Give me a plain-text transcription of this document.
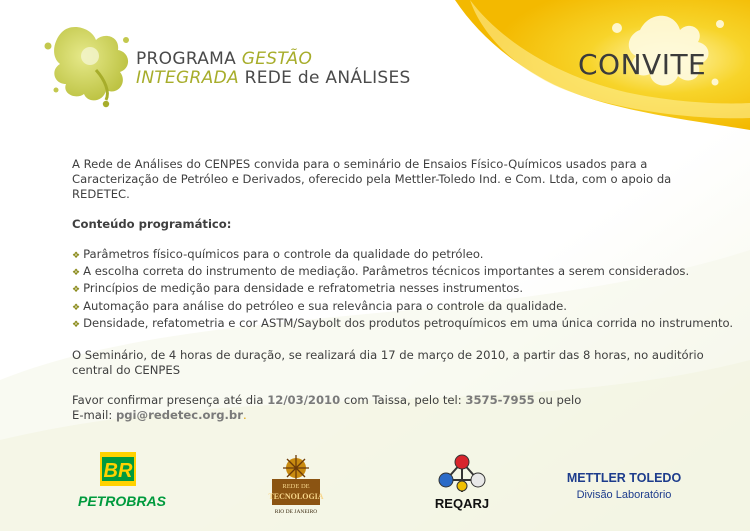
PROGRAMA GESTÃO
INTEGRADA REDE de ANÁLISES	CONVITE

A Rede de Análises do CENPES convida para o seminário de Ensaios Físico-Químicos usados para a Caracterização de Petróleo e Derivados, oferecido pela Mettler-Toledo Ind. e Com. Ltda, com o apoio da REDETEC.

Conteúdo programático:

❖ Parâmetros físico-químicos para o controle da qualidade do petróleo.
❖ A escolha correta do instrumento de mediação. Parâmetros técnicos importantes a serem considerados.
❖ Princípios de medição para densidade e refratometria nesses instrumentos.
❖ Automação para análise do petróleo e sua relevância para o controle da qualidade.
❖ Densidade, refatometria e cor ASTM/Saybolt dos produtos petroquímicos em uma única corrida no instrumento.

O Seminário, de 4 horas de duração, se realizará dia 17 de março de 2010, a partir das 8 horas, no auditório central do CENPES

Favor confirmar presença até dia 12/03/2010 com Taissa, pelo tel: 3575-7955 ou pelo

E-mail: pgi@redetec.org.br.

BR
PETROBRAS
REDE DE
TECNOLOGIA
RIO DE JANEIRO
REQARJ
METTLER TOLEDO
Divisão Laboratório
